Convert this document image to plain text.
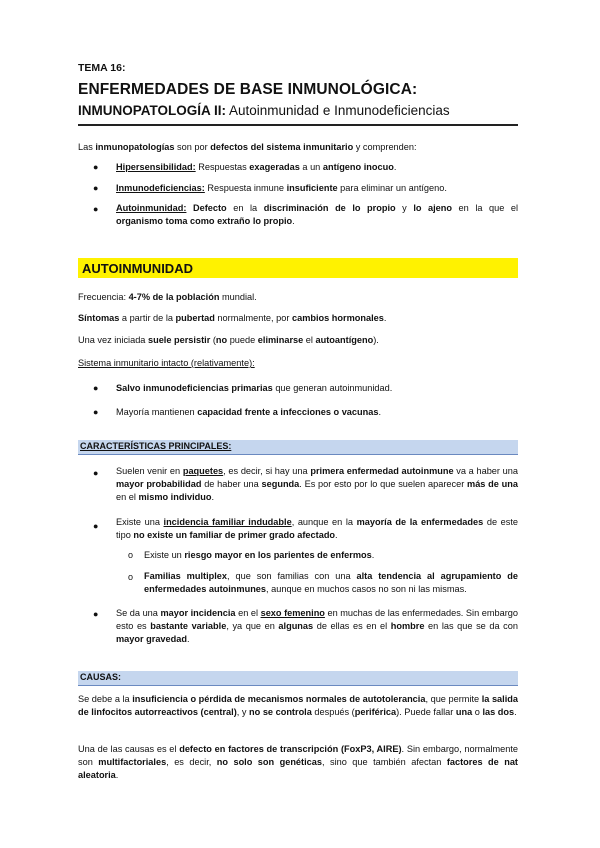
TEMA 16:
ENFERMEDADES DE BASE INMUNOLÓGICA:
INMUNOPATOLOGÍA II: Autoinmunidad e Inmunodeficiencias
Las inmunopatologías son por defectos del sistema inmunitario y comprenden:
● Hipersensibilidad: Respuestas exageradas a un antígeno inocuo.
● Inmunodeficiencias: Respuesta inmune insuficiente para eliminar un antígeno.
● Autoinmunidad: Defecto en la discriminación de lo propio y lo ajeno en la que el
organismo toma como extraño lo propio.
AUTOINMUNIDAD
Frecuencia: 4-7% de la población mundial.
Síntomas a partir de la pubertad normalmente, por cambios hormonales.
Una vez iniciada suele persistir (no puede eliminarse el autoantígeno).
Sistema inmunitario intacto (relativamente):
● Salvo inmunodeficiencias primarias que generan autoinmunidad.
● Mayoría mantienen capacidad frente a infecciones o vacunas.
CARACTERÍSTICAS PRINCIPALES:
● Suelen venir en paquetes, es decir, si hay una primera enfermedad autoinmune va a haber una mayor probabilidad de haber una segunda. Es por esto por lo que suelen aparecer más de una en el mismo individuo.
● Existe una incidencia familiar indudable, aunque en la mayoría de la enfermedades de este tipo no existe un familiar de primer grado afectado.
o Existe un riesgo mayor en los parientes de enfermos.
o Familias multiplex, que son familias con una alta tendencia al agrupamiento de enfermedades autoinmunes, aunque en muchos casos no son ni las mismas.
● Se da una mayor incidencia en el sexo femenino en muchas de las enfermedades. Sin embargo esto es bastante variable, ya que en algunas de ellas es en el hombre en las que se da con mayor gravedad.
CAUSAS:
Se debe a la insuficiencia o pérdida de mecanismos normales de autotolerancia, que permite la salida de linfocitos autorreactivos (central), y no se controla después (periférica). Puede fallar una o las dos.
Una de las causas es el defecto en factores de transcripción (FoxP3, AIRE). Sin embargo, normalmente son multifactoriales, es decir, no solo son genéticas, sino que también afectan factores de nat aleatoria.
